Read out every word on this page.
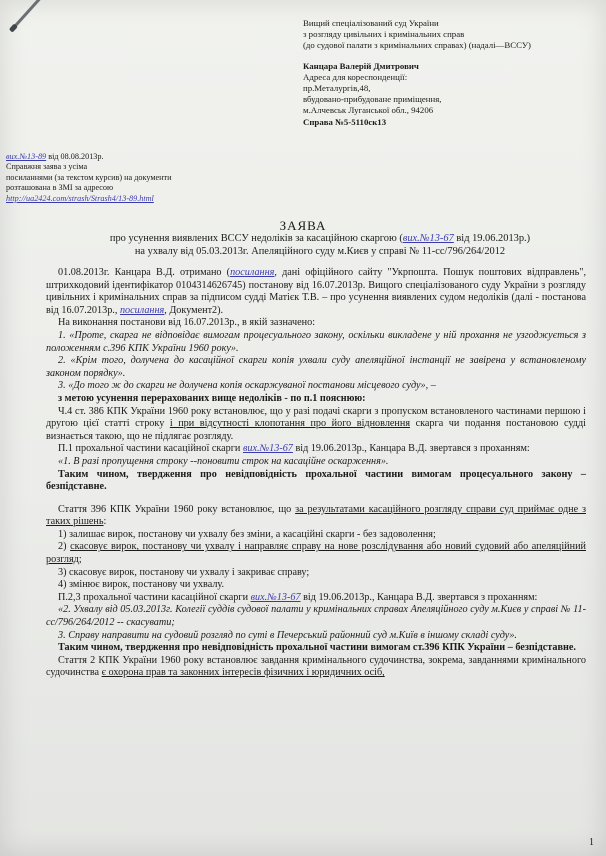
Вищий спеціалізований суд України
з розгляду цивільних і кримінальних справ
(до судової палати з кримінальних справах) (надалі—ВССУ)
Канцара Валерій Дмитрович
Адреса для кореспонденції:
пр.Металургів,48,
вбудовано-прибудоване приміщення,
м.Алчевськ Луганської обл., 94206
Справа №5-5110ск13
вих.№13-89 від 08.08.2013р.
Справжня заява з усіма
посиланнями (за текстом курсив) на документи
розташована в ЗМІ за адресою
http://ua2424.com/strash/Strash4/13-89.html
ЗАЯВА
про усунення виявлених ВССУ недоліків за касаційною скаргою (вих.№13-67 від 19.06.2013р.)
на ухвалу від 05.03.2013г. Апеляційного суду м.Києв у справі № 11-сс/796/264/2012

01.08.2013г. Канцара В.Д. отримано (посилання, дані офіційного сайту "Укрпошта. Пошук поштових відправлень", штрихкодовий ідентифікатор 0104314626745) постанову від 16.07.2013р. Вищого спеціалізованого суду України з розгляду цивільних і кримінальних справ за підписом судді Матієк Т.В. – про усунення виявлених судом недоліків (далі - постанова від 16.07.2013р., посилання, Документ2).

На виконання постанови від 16.07.2013р., в якій зазначено:

1. «Проте, скарга не відповідає вимогам процесуального закону, оскільки викладене у ній прохання не узгоджується з положенням с.396 КПК України 1960 року».

2. «Крім того, долучена до касаційної скарги копія ухвали суду апеляційної інстанції не завірена у встановленому законом порядку».

3. «До того ж до скарги не долучена копія оскаржуваної постанови місцевого суду», –

з метою усунення перерахованих вище недоліків - по п.1 пояснюю:

Ч.4 ст. 386 КПК України 1960 року встановлює, що у разі подачі скарги з пропуском встановленого частинами першою і другою цієї статті строку і при відсутності клопотання про його відновлення скарга чи подання постановою судді визнається такою, що не підлягає розгляду.

П.1 прохальної частини касаційної скарги вих.№13-67 від 19.06.2013р., Канцара В.Д. звертався з проханням:

«1. В разі пропущення строку --поновити строк на касаційне оскарження».

Таким чином, твердження про невідповідність прохальної частини вимогам процесуального закону – безпідставне.

Стаття 396 КПК України 1960 року встановлює, що за результатами касаційного розгляду справи суд приймає одне з таких рішень:

1) залишає вирок, постанову чи ухвалу без зміни, а касаційні скарги - без задоволення;

2) скасовує вирок, постанову чи ухвалу і направляє справу на нове розслідування або новий судовий або апеляційний розгляд;

3) скасовує вирок, постанову чи ухвалу і закриває справу;

4) змінює вирок, постанову чи ухвалу.

П.2,3 прохальної частини касаційної скарги вих.№13-67 від 19.06.2013р., Канцара В.Д. звертався з проханням:

«2. Ухвалу від 05.03.2013г. Колегії суддів судової палати у кримінальних справах Апеляційного суду м.Києв у справі № 11-сс/796/264/2012 -- скасувати;

3. Справу направити на судовий розгляд по суті в Печерський районний суд м.Київ в іншому складі суду».

Таким чином, твердження про невідповідність прохальної частини вимогам ст.396 КПК України – безпідставне.

Стаття 2 КПК України 1960 року встановлює завдання кримінального судочинства, зокрема, завданнями кримінального судочинства є охорона прав та законних інтересів фізичних і юридичних осіб,

1
